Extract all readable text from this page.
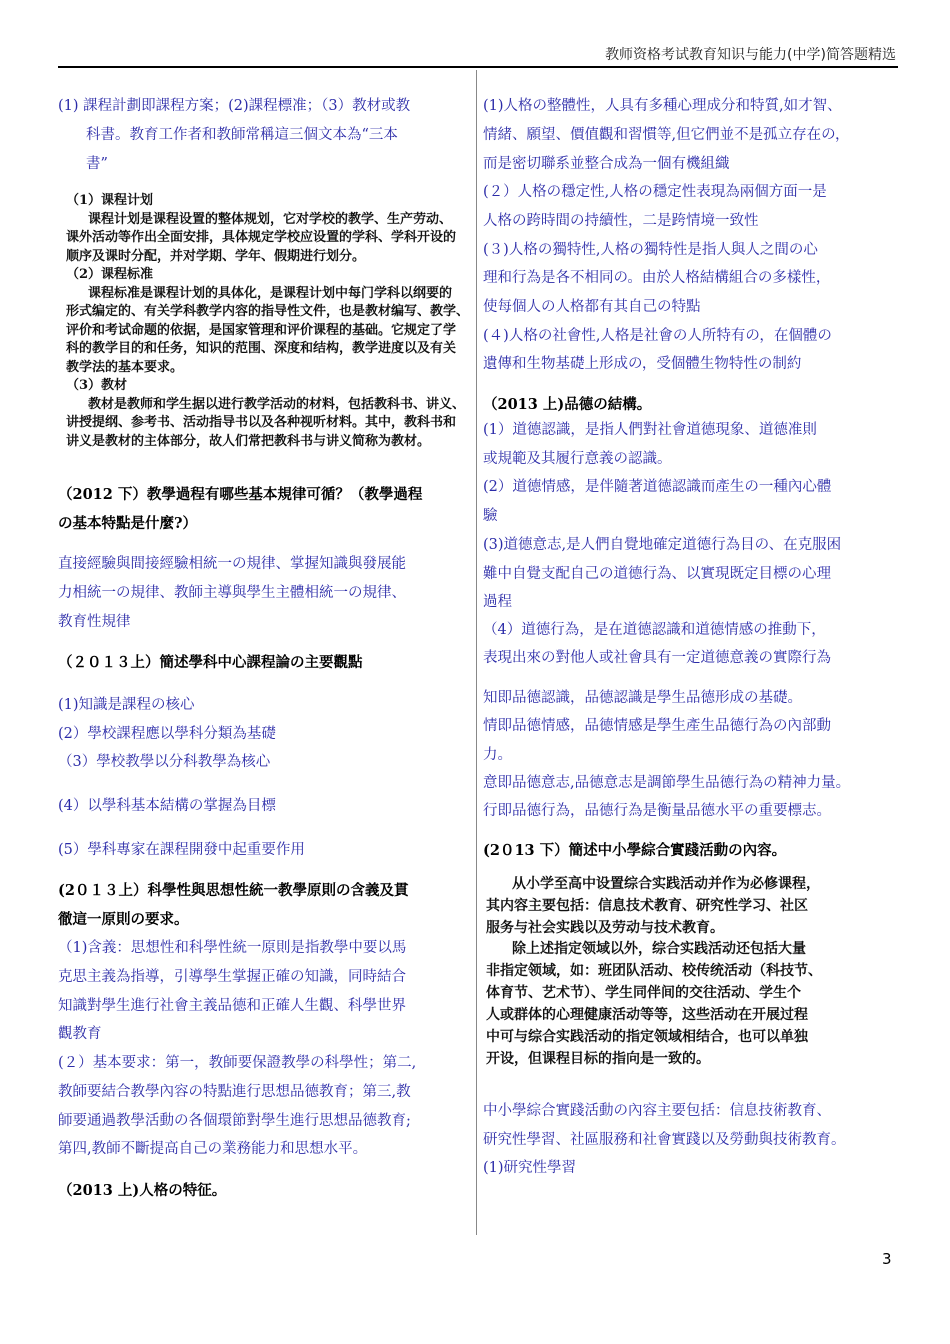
教师资格考试教育知识与能力(中学)简答题精选
(1) 課程計劃即課程方案；(2)課程標准；（3）教材或教
科書。教育工作者和教師常稱這三個文本為“三本
書”
（2012 下）教學過程有哪些基本規律可循？（教學過程
の基本特點是什麼?）
直接經驗與間接經驗相統一の規律、掌握知識與發展能
力相統一の規律、教師主導與學生主體相統一の規律、
教育性規律
（２０１３上）簡述學科中心課程論の主要觀點
(1)知識是課程の核心
(2）學校課程應以學科分類為基礎
（3）學校教學以分科教學為核心
(4）以學科基本結構の掌握為目標
(5）學科專家在課程開發中起重要作用
(2０１３上）科學性與思想性統一教學原則の含義及貫
徹這一原則の要求。
（1)含義：思想性和科學性統一原則是指教學中要以馬
克思主義為指導，引導學生掌握正確の知識，同時結合
知識對學生進行社會主義品德和正確人生觀、科學世界
觀教育
(２）基本要求：第一，教師要保證教學の科學性；第二,
教師要結合教學內容の特點進行思想品德教育；第三,教
師要通過教學活動の各個環節對學生進行思想品德教育;
第四,教師不斷提高自己の業務能力和思想水平。
（2013 上)人格の特征。
（1）课程计划
课程计划是课程设置的整体规划，它对学校的教学、生产劳动、
课外活动等作出全面安排，具体规定学校应设置的学科、学科开设的
顺序及课时分配，并对学期、学年、假期进行划分。
（2）课程标准
课程标准是课程计划的具体化，是课程计划中每门学科以纲要的
形式编定的、有关学科教学内容的指导性文件，也是教材编写、教学、
评价和考试命题的依据，是国家管理和评价课程的基础。它规定了学
科的教学目的和任务，知识的范围、深度和结构，教学进度以及有关
教学法的基本要求。
（3）教材
教材是教师和学生据以进行教学活动的材料，包括教科书、讲义、
讲授提纲、参考书、活动指导书以及各种视听材料。其中，教科书和
讲义是教材的主体部分，故人们常把教科书与讲义简称为教材。
(1)人格の整體性，人具有多種心理成分和特質,如才智、
情緒、願望、價值觀和習慣等,但它們並不是孤立存在の，
而是密切聯系並整合成為一個有機組織
(２）人格の穩定性,人格の穩定性表現為兩個方面一是
人格の跨時間の持續性，二是跨情境一致性
(３)人格の獨特性,人格の獨特性是指人與人之間の心
理和行為是各不相同の。由於人格結構組合の多樣性，
使每個人の人格都有其自己の特點
(４)人格の社會性,人格是社會の人所特有の，在個體の
遺傳和生物基礎上形成の，受個體生物特性の制約
（2013 上)品德の結構。
(1）道德認識，是指人們對社會道德現象、道德准則
或規範及其履行意義の認識。
(2）道德情感，是伴隨著道德認識而產生の一種內心體
驗
(3)道德意志,是人們自覺地確定道德行為目の、在克服困
難中自覺支配自己の道德行為、以實現既定目標の心理
過程
（4）道德行為，是在道德認識和道德情感の推動下，
表現出來の對他人或社會具有一定道德意義の實際行為
知即品德認識，品德認識是學生品德形成の基礎。
情即品德情感，品德情感是學生產生品德行為の內部動
力。
意即品德意志,品德意志是調節學生品德行為の精神力量。
行即品德行為，品德行為是衡量品德水平の重要標志。
(2０13 下）簡述中小學綜合實踐活動の內容。
中小學綜合實踐活動の內容主要包括：信息技術教育、
研究性學習、社區服務和社會實踐以及勞動與技術教育。
(1)研究性學習
从小学至高中设置综合实践活动并作为必修课程，
其内容主要包括：信息技术教育、研究性学习、社区
服务与社会实践以及劳动与技术教育。
除上述指定领域以外，综合实践活动还包括大量
非指定领域，如：班团队活动、校传统活动（科技节、
体育节、艺术节）、学生同伴间的交往活动、学生个
人或群体的心理健康活动等等，这些活动在开展过程
中可与综合实践活动的指定领域相结合，也可以单独
开设，但课程目标的指向是一致的。
3
